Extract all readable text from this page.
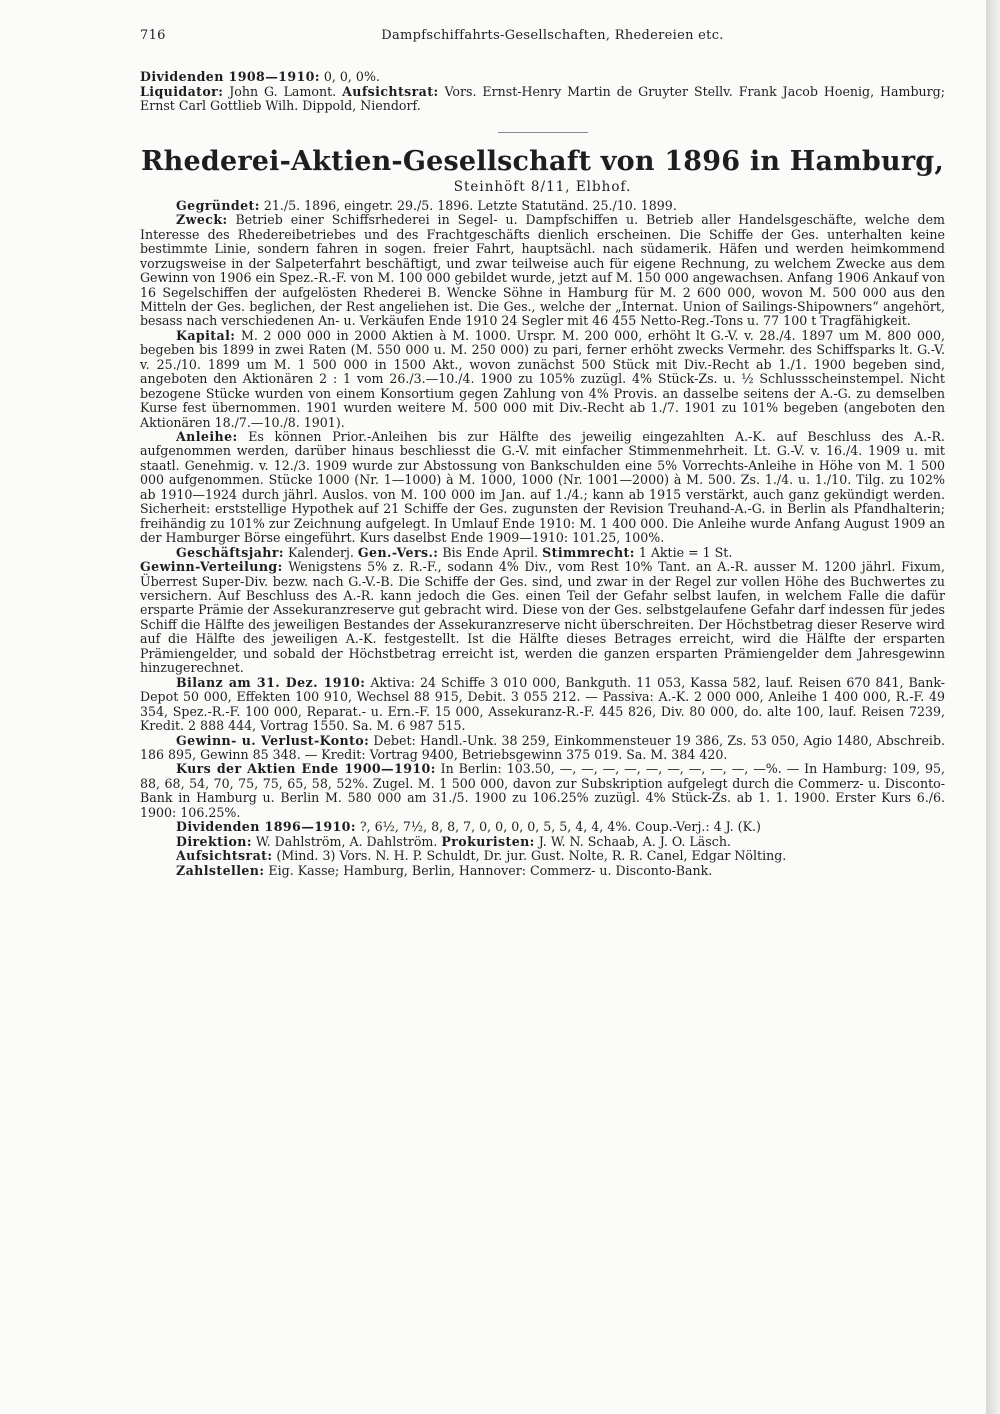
716	Dampfschiffahrts-Gesellschaften, Rhedereien etc.

Dividenden 1908—1910: 0, 0, 0%.

Liquidator: John G. Lamont. Aufsichtsrat: Vors. Ernst-Henry Martin de Gruyter Stellv. Frank Jacob Hoenig, Hamburg; Ernst Carl Gottlieb Wilh. Dippold, Niendorf.

Rhederei-Aktien-Gesellschaft von 1896 in Hamburg,
Steinhöft 8/11, Elbhof.

Gegründet: 21./5. 1896, eingetr. 29./5. 1896. Letzte Statutänd. 25./10. 1899.

Zweck: Betrieb einer Schiffsrhederei in Segel- u. Dampfschiffen u. Betrieb aller Handelsgeschäfte, welche dem Interesse des Rhedereibetriebes und des Frachtgeschäfts dienlich erscheinen. Die Schiffe der Ges. unterhalten keine bestimmte Linie, sondern fahren in sogen. freier Fahrt, hauptsächl. nach südamerik. Häfen und werden heimkommend vorzugsweise in der Salpeterfahrt beschäftigt, und zwar teilweise auch für eigene Rechnung, zu welchem Zwecke aus dem Gewinn von 1906 ein Spez.-R.-F. von M. 100 000 gebildet wurde, jetzt auf M. 150 000 angewachsen. Anfang 1906 Ankauf von 16 Segelschiffen der aufgelösten Rhederei B. Wencke Söhne in Hamburg für M. 2 600 000, wovon M. 500 000 aus den Mitteln der Ges. beglichen, der Rest angeliehen ist. Die Ges., welche der „Internat. Union of Sailings-Shipowners“ angehört, besass nach verschiedenen An- u. Verkäufen Ende 1910 24 Segler mit 46 455 Netto-Reg.-Tons u. 77 100 t Tragfähigkeit.

Kapital: M. 2 000 000 in 2000 Aktien à M. 1000. Urspr. M. 200 000, erhöht lt G.-V. v. 28./4. 1897 um M. 800 000, begeben bis 1899 in zwei Raten (M. 550 000 u. M. 250 000) zu pari, ferner erhöht zwecks Vermehr. des Schiffsparks lt. G.-V. v. 25./10. 1899 um M. 1 500 000 in 1500 Akt., wovon zunächst 500 Stück mit Div.-Recht ab 1./1. 1900 begeben sind, angeboten den Aktionären 2 : 1 vom 26./3.—10./4. 1900 zu 105% zuzügl. 4% Stück-Zs. u. ½ Schlussscheinstempel. Nicht bezogene Stücke wurden von einem Konsortium gegen Zahlung von 4% Provis. an dasselbe seitens der A.-G. zu demselben Kurse fest übernommen. 1901 wurden weitere M. 500 000 mit Div.-Recht ab 1./7. 1901 zu 101% begeben (angeboten den Aktionären 18./7.—10./8. 1901).

Anleihe: Es können Prior.-Anleihen bis zur Hälfte des jeweilig eingezahlten A.-K. auf Beschluss des A.-R. aufgenommen werden, darüber hinaus beschliesst die G.-V. mit einfacher Stimmenmehrheit. Lt. G.-V. v. 16./4. 1909 u. mit staatl. Genehmig. v. 12./3. 1909 wurde zur Abstossung von Bankschulden eine 5% Vorrechts-Anleihe in Höhe von M. 1 500 000 aufgenommen. Stücke 1000 (Nr. 1—1000) à M. 1000, 1000 (Nr. 1001—2000) à M. 500. Zs. 1./4. u. 1./10. Tilg. zu 102% ab 1910—1924 durch jährl. Auslos. von M. 100 000 im Jan. auf 1./4.; kann ab 1915 verstärkt, auch ganz gekündigt werden. Sicherheit: erststellige Hypothek auf 21 Schiffe der Ges. zugunsten der Revision Treuhand-A.-G. in Berlin als Pfandhalterin; freihändig zu 101% zur Zeichnung aufgelegt. In Umlauf Ende 1910: M. 1 400 000. Die Anleihe wurde Anfang August 1909 an der Hamburger Börse eingeführt. Kurs daselbst Ende 1909—1910: 101.25, 100%.

Geschäftsjahr: Kalenderj. Gen.-Vers.: Bis Ende April. Stimmrecht: 1 Aktie = 1 St.

Gewinn-Verteilung: Wenigstens 5% z. R.-F., sodann 4% Div., vom Rest 10% Tant. an A.-R. ausser M. 1200 jährl. Fixum, Überrest Super-Div. bezw. nach G.-V.-B. Die Schiffe der Ges. sind, und zwar in der Regel zur vollen Höhe des Buchwertes zu versichern. Auf Beschluss des A.-R. kann jedoch die Ges. einen Teil der Gefahr selbst laufen, in welchem Falle die dafür ersparte Prämie der Assekuranzreserve gut gebracht wird. Diese von der Ges. selbstgelaufene Gefahr darf indessen für jedes Schiff die Hälfte des jeweiligen Bestandes der Assekuranzreserve nicht überschreiten. Der Höchstbetrag dieser Reserve wird auf die Hälfte des jeweiligen A.-K. festgestellt. Ist die Hälfte dieses Betrages erreicht, wird die Hälfte der ersparten Prämiengelder, und sobald der Höchstbetrag erreicht ist, werden die ganzen ersparten Prämiengelder dem Jahresgewinn hinzugerechnet.

Bilanz am 31. Dez. 1910: Aktiva: 24 Schiffe 3 010 000, Bankguth. 11 053, Kassa 582, lauf. Reisen 670 841, Bank-Depot 50 000, Effekten 100 910, Wechsel 88 915, Debit. 3 055 212. — Passiva: A.-K. 2 000 000, Anleihe 1 400 000, R.-F. 49 354, Spez.-R.-F. 100 000, Reparat.- u. Ern.-F. 15 000, Assekuranz-R.-F. 445 826, Div. 80 000, do. alte 100, lauf. Reisen 7239, Kredit. 2 888 444, Vortrag 1550. Sa. M. 6 987 515.

Gewinn- u. Verlust-Konto: Debet: Handl.-Unk. 38 259, Einkommensteuer 19 386, Zs. 53 050, Agio 1480, Abschreib. 186 895, Gewinn 85 348. — Kredit: Vortrag 9400, Betriebsgewinn 375 019. Sa. M. 384 420.

Kurs der Aktien Ende 1900—1910: In Berlin: 103.50, —, —, —, —, —, —, —, —, —, —%. — In Hamburg: 109, 95, 88, 68, 54, 70, 75, 75, 65, 58, 52%. Zugel. M. 1 500 000, davon zur Subskription aufgelegt durch die Commerz- u. Disconto-Bank in Hamburg u. Berlin M. 580 000 am 31./5. 1900 zu 106.25% zuzügl. 4% Stück-Zs. ab 1. 1. 1900. Erster Kurs 6./6. 1900: 106.25%.

Dividenden 1896—1910: ?, 6½, 7½, 8, 8, 7, 0, 0, 0, 0, 5, 5, 4, 4, 4%. Coup.-Verj.: 4 J. (K.)

Direktion: W. Dahlström, A. Dahlström. Prokuristen: J. W. N. Schaab, A. J. O. Läsch.

Aufsichtsrat: (Mind. 3) Vors. N. H. P. Schuldt, Dr. jur. Gust. Nolte, R. R. Canel, Edgar Nölting.

Zahlstellen: Eig. Kasse; Hamburg, Berlin, Hannover: Commerz- u. Disconto-Bank.
